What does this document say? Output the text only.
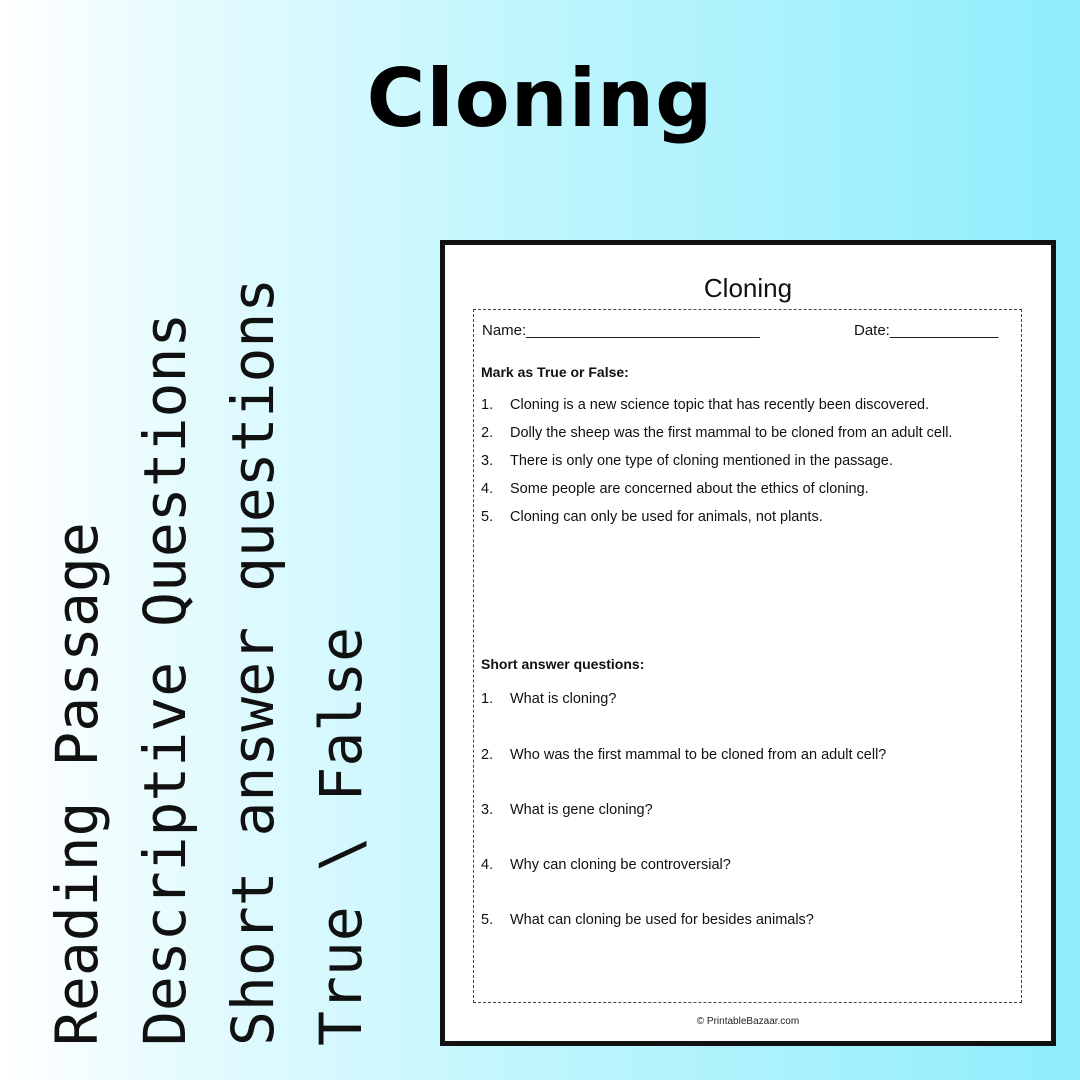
Cloning
Reading Passage Descriptive Questions Short answer questions True \ False
Cloning
Name:____________________________	Date:_____________
Mark as True or False:
1. Cloning is a new science topic that has recently been discovered.
2. Dolly the sheep was the first mammal to be cloned from an adult cell.
3. There is only one type of cloning mentioned in the passage.
4. Some people are concerned about the ethics of cloning.
5. Cloning can only be used for animals, not plants.
Short answer questions:
1. What is cloning?
2. Who was the first mammal to be cloned from an adult cell?
3. What is gene cloning?
4. Why can cloning be controversial?
5. What can cloning be used for besides animals?
© PrintableBazaar.com
